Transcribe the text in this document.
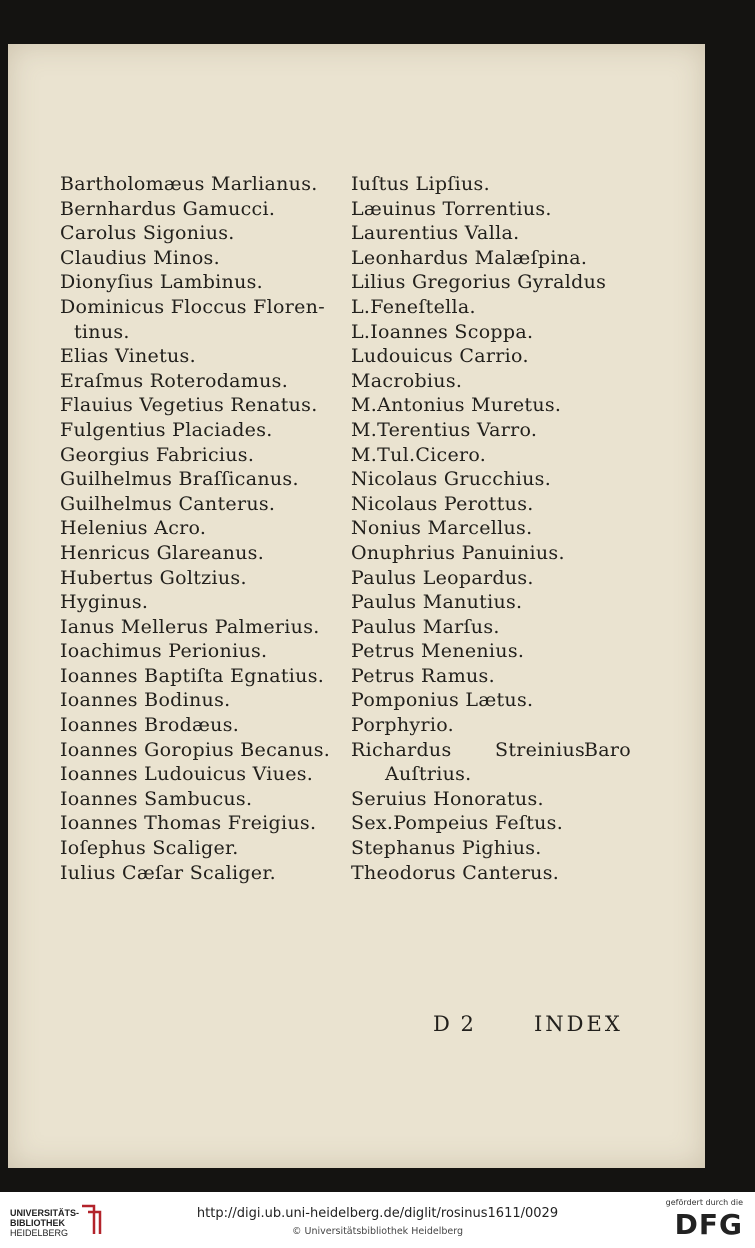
Bartholomæus Marlianus.
Bernhardus Gamucci.
Carolus Sigonius.
Claudius Minos.
Dionyſius Lambinus.
Dominicus Floccus Floren-
tinus.
Elias Vinetus.
Eraſmus Roterodamus.
Flauius Vegetius Renatus.
Fulgentius Placiades.
Georgius Fabricius.
Guilhelmus Braſſicanus.
Guilhelmus Canterus.
Helenius Acro.
Henricus Glareanus.
Hubertus Goltzius.
Hyginus.
Ianus Mellerus Palmerius.
Ioachimus Perionius.
Ioannes Baptiſta Egnatius.
Ioannes Bodinus.
Ioannes Brodæus.
Ioannes Goropius Becanus.
Ioannes Ludouicus Viues.
Ioannes Sambucus.
Ioannes Thomas Freigius.
Ioſephus Scaliger.
Iulius Cæſar Scaliger.
Iuſtus Lipſius.
Læuinus Torrentius.
Laurentius Valla.
Leonhardus Malæſpina.
Lilius Gregorius Gyraldus
L.Feneſtella.
L.Ioannes Scoppa.
Ludouicus Carrio.
Macrobius.
M.Antonius Muretus.
M.Terentius Varro.
M.Tul.Cicero.
Nicolaus Grucchius.
Nicolaus Perottus.
Nonius Marcellus.
Onuphrius Panuinius.
Paulus Leopardus.
Paulus Manutius.
Paulus Marſus.
Petrus Menenius.
Petrus Ramus.
Pomponius Lætus.
Porphyrio.
Richardus Streinius
Baro
Auſtrius.
Seruius Honoratus.
Sex.Pompeius Feſtus.
Stephanus Pighius.
Theodorus Canterus.
D 2	INDEX
UNIVERSITÄTS-
BIBLIOTHEK
HEIDELBERG
http://digi.ub.uni-heidelberg.de/diglit/rosinus1611/0029
© Universitätsbibliothek Heidelberg
gefördert durch die
DFG
